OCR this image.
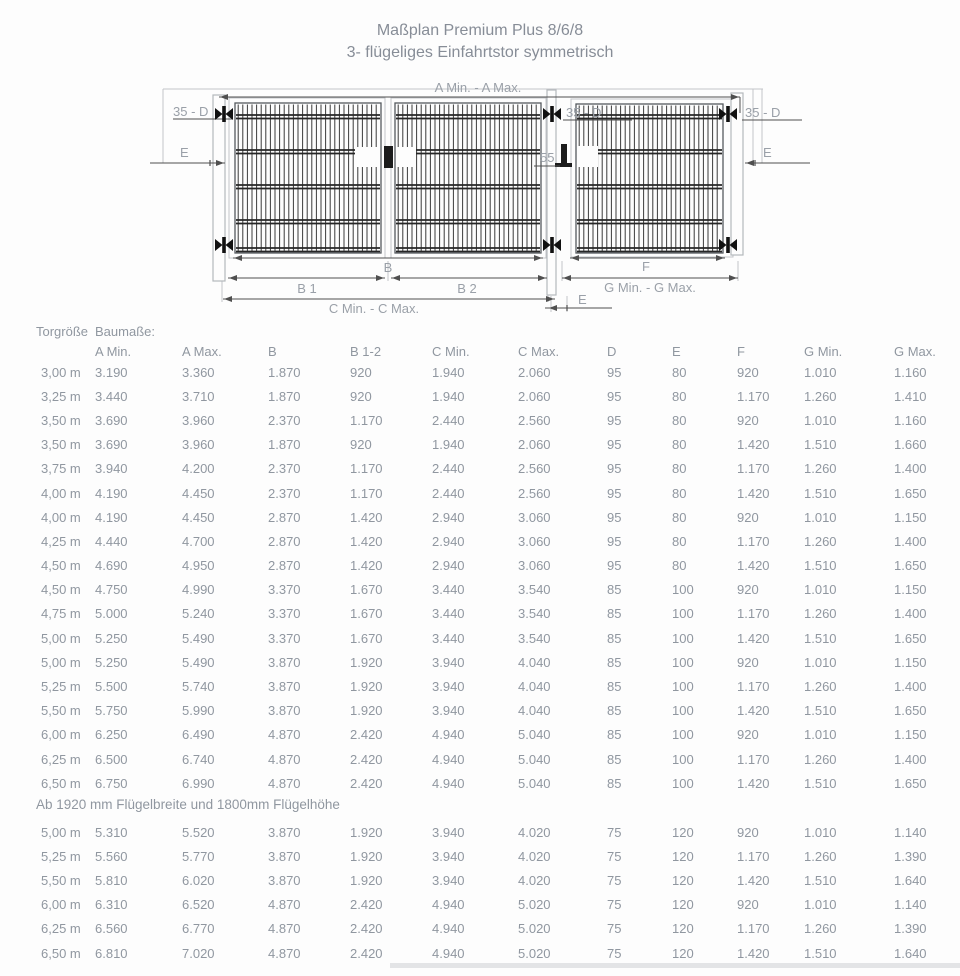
Maßplan Premium Plus 8/6/8
3- flügeliges Einfahrtstor symmetrisch
A Min. - A Max.
35 - D	35 - D	35 - D
E	E
55
B
B 1	B 2
C Min. - C Max.
F
G Min. - G Max.
E
Torgröße Baumaße:
A Min.	A Max.	B	B 1-2	C Min.	C Max.	D	E	F	G Min.	G Max.
3,00 m	3.190	3.360	1.870	920	1.940	2.060	95	80	920	1.010	1.160
3,25 m	3.440	3.710	1.870	920	1.940	2.060	95	80	1.170	1.260	1.410
3,50 m	3.690	3.960	2.370	1.170	2.440	2.560	95	80	920	1.010	1.160
3,50 m	3.690	3.960	1.870	920	1.940	2.060	95	80	1.420	1.510	1.660
3,75 m	3.940	4.200	2.370	1.170	2.440	2.560	95	80	1.170	1.260	1.400
4,00 m	4.190	4.450	2.370	1.170	2.440	2.560	95	80	1.420	1.510	1.650
4,00 m	4.190	4.450	2.870	1.420	2.940	3.060	95	80	920	1.010	1.150
4,25 m	4.440	4.700	2.870	1.420	2.940	3.060	95	80	1.170	1.260	1.400
4,50 m	4.690	4.950	2.870	1.420	2.940	3.060	95	80	1.420	1.510	1.650
4,50 m	4.750	4.990	3.370	1.670	3.440	3.540	85	100	920	1.010	1.150
4,75 m	5.000	5.240	3.370	1.670	3.440	3.540	85	100	1.170	1.260	1.400
5,00 m	5.250	5.490	3.370	1.670	3.440	3.540	85	100	1.420	1.510	1.650
5,00 m	5.250	5.490	3.870	1.920	3.940	4.040	85	100	920	1.010	1.150
5,25 m	5.500	5.740	3.870	1.920	3.940	4.040	85	100	1.170	1.260	1.400
5,50 m	5.750	5.990	3.870	1.920	3.940	4.040	85	100	1.420	1.510	1.650
6,00 m	6.250	6.490	4.870	2.420	4.940	5.040	85	100	920	1.010	1.150
6,25 m	6.500	6.740	4.870	2.420	4.940	5.040	85	100	1.170	1.260	1.400
6,50 m	6.750	6.990	4.870	2.420	4.940	5.040	85	100	1.420	1.510	1.650
Ab 1920 mm Flügelbreite und 1800mm Flügelhöhe
5,00 m	5.310	5.520	3.870	1.920	3.940	4.020	75	120	920	1.010	1.140
5,25 m	5.560	5.770	3.870	1.920	3.940	4.020	75	120	1.170	1.260	1.390
5,50 m	5.810	6.020	3.870	1.920	3.940	4.020	75	120	1.420	1.510	1.640
6,00 m	6.310	6.520	4.870	2.420	4.940	5.020	75	120	920	1.010	1.140
6,25 m	6.560	6.770	4.870	2.420	4.940	5.020	75	120	1.170	1.260	1.390
6,50 m	6.810	7.020	4.870	2.420	4.940	5.020	75	120	1.420	1.510	1.640
